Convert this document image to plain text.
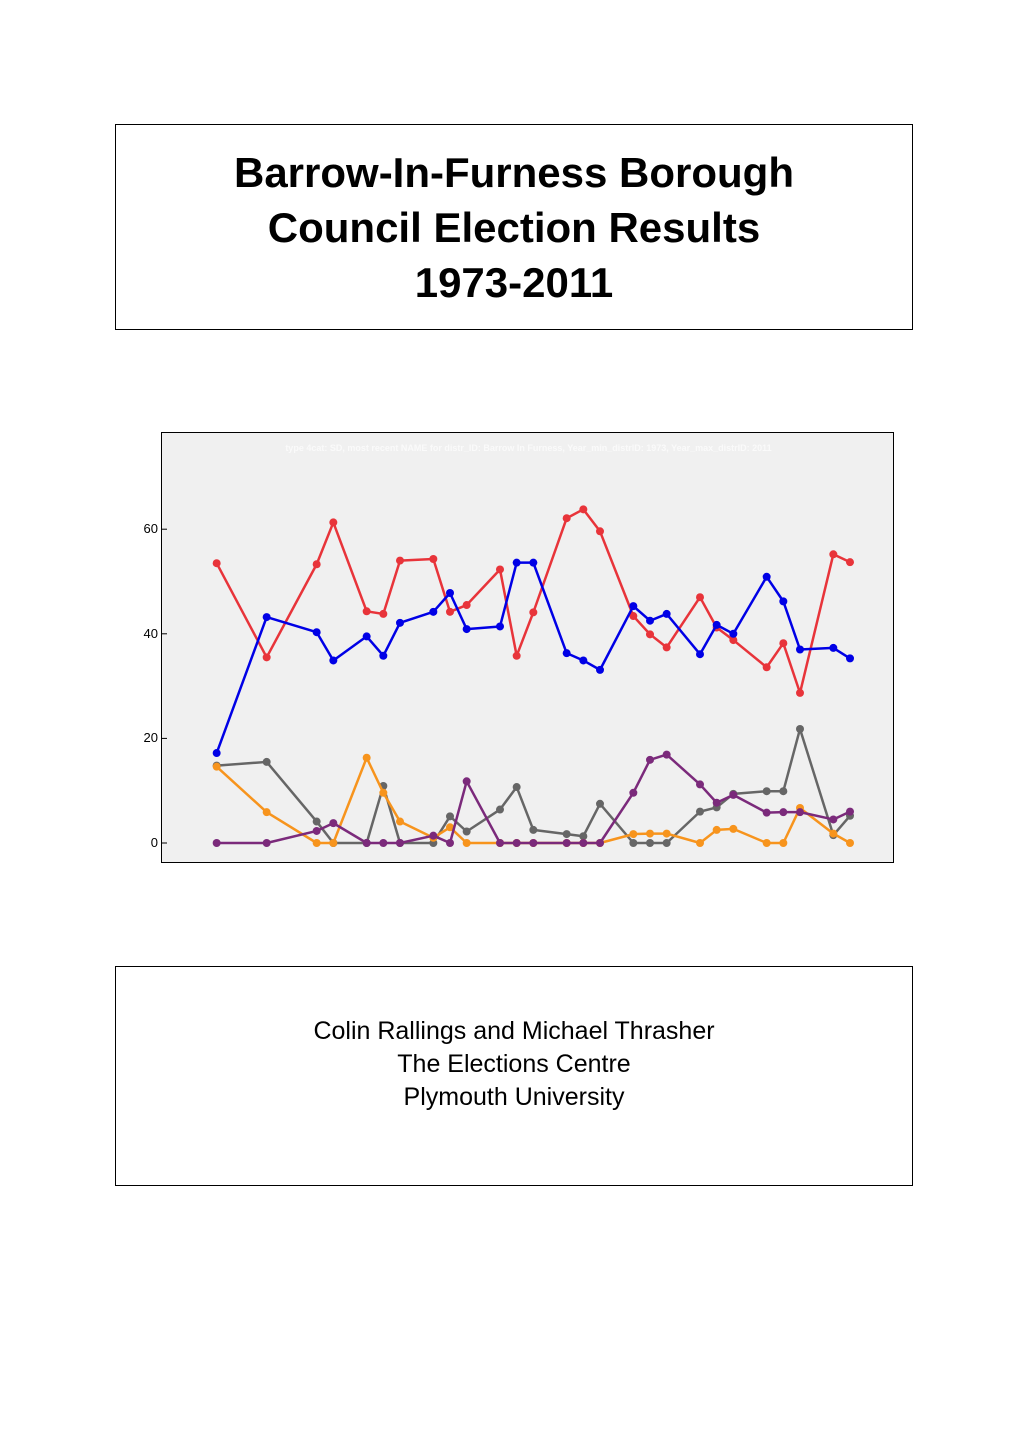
Barrow-In-Furness Borough
Council Election Results
1973-2011
type 4cat: SD, most recent NAME for distr_ID: Barrow In Furness, Year_min_distrID: 1973, Year_max_distrID: 2011
0
20
40
60
Colin Rallings and Michael Thrasher
The Elections Centre
Plymouth University
